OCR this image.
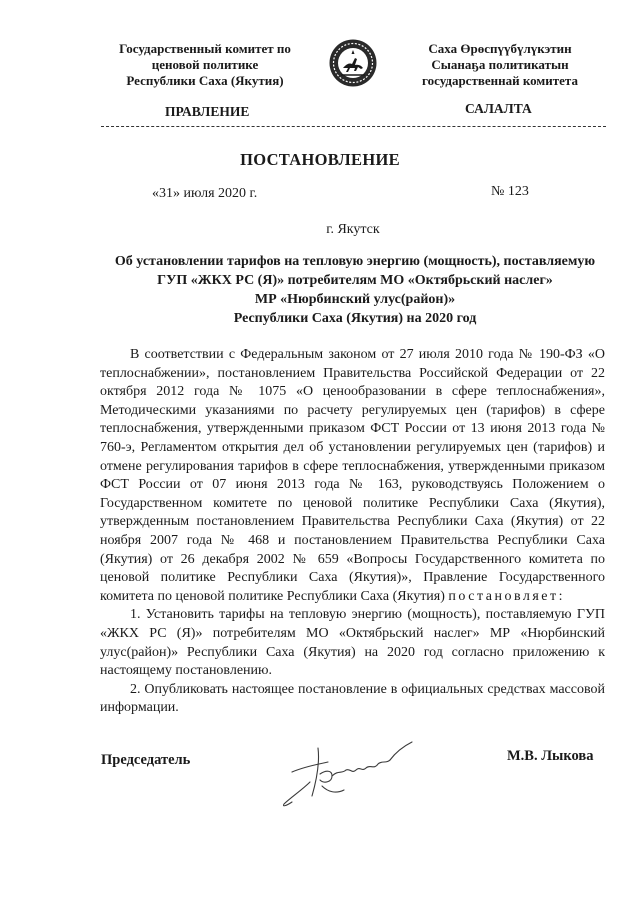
Государственный комитет по
ценовой политике
Республики Саха (Якутия)
Саха Өрөспүүбүлүкэтин
Сыанаҕа политикатын
государственнай комитета
ПРАВЛЕНИЕ	САЛАЛТА
ПОСТАНОВЛЕНИЕ
«31» июля 2020 г.	№ 123
г. Якутск
Об установлении тарифов на тепловую энергию (мощность), поставляемую
ГУП «ЖКХ РС (Я)» потребителям МО «Октябрьский наслег»
МР «Нюрбинский улус(район)»
Республики Саха (Якутия) на 2020 год

В соответствии с Федеральным законом от 27 июля 2010 года № 190-ФЗ «О теплоснабжении», постановлением Правительства Российской Федерации от 22 октября 2012 года № 1075 «О ценообразовании в сфере теплоснабжения», Методическими указаниями по расчету регулируемых цен (тарифов) в сфере теплоснабжения, утвержденными приказом ФСТ России от 13 июня 2013 года № 760-э, Регламентом открытия дел об установлении регулируемых цен (тарифов) и отмене регулирования тарифов в сфере теплоснабжения, утвержденными приказом ФСТ России от 07 июня 2013 года № 163, руководствуясь Положением о Государственном комитете по ценовой политике Республики Саха (Якутия), утвержденным постановлением Правительства Республики Саха (Якутия) от 22 ноября 2007 года № 468 и постановлением Правительства Республики Саха (Якутия) от 26 декабря 2002 № 659 «Вопросы Государственного комитета по ценовой политике Республики Саха (Якутия)», Правление Государственного комитета по ценовой политике Республики Саха (Якутия) постановляет:

1. Установить тарифы на тепловую энергию (мощность), поставляемую ГУП «ЖКХ РС (Я)» потребителям МО «Октябрьский наслег» МР «Нюрбинский улус(район)» Республики Саха (Якутия) на 2020 год согласно приложению к настоящему постановлению.

2. Опубликовать настоящее постановление в официальных средствах массовой информации.

Председатель	М.В. Лыкова
